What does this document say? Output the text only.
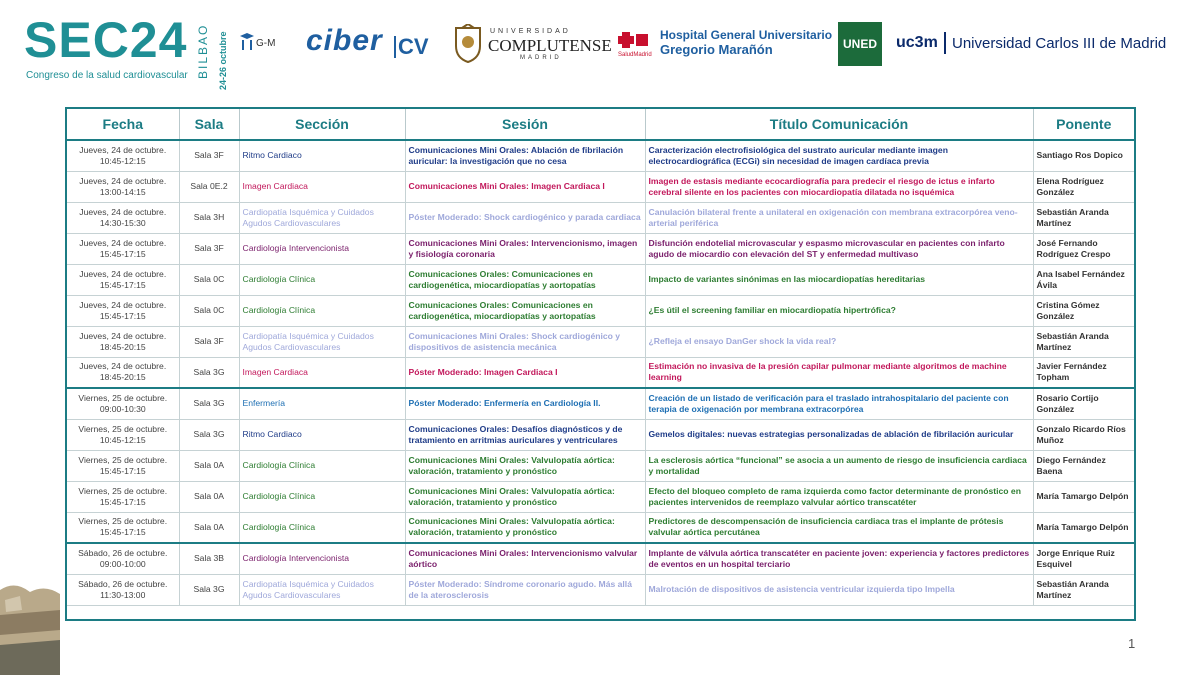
SEC24
Congreso de la salud cardiovascular BILBAO 24-26 octubre	G-M ciber CV
UNIVERSIDAD
COMPLUTENSE
MADRID	SaludMadrid
Hospital General Universitario
Gregorio Marañón	UNED	uc3m Universidad Carlos III de Madrid
Fecha	Sala	Sección	Sesión	Título Comunicación	Ponente
Jueves, 24 de octubre. 10:45-12:15	Sala 3F	Ritmo Cardiaco	Comunicaciones Mini Orales: Ablación de fibrilación auricular: la investigación que no cesa	Caracterización electrofisiológica del sustrato auricular mediante imagen electrocardiográfica (ECGi) sin necesidad de imagen cardíaca previa	Santiago Ros Dopico
Jueves, 24 de octubre. 13:00-14:15	Sala 0E.2	Imagen Cardiaca	Comunicaciones Mini Orales: Imagen Cardiaca I	Imagen de estasis mediante ecocardiografía para predecir el riesgo de ictus e infarto cerebral silente en los pacientes con miocardiopatía dilatada no isquémica	Elena Rodríguez González
Jueves, 24 de octubre. 14:30-15:30	Sala 3H	Cardiopatía Isquémica y Cuidados Agudos Cardiovasculares	Póster Moderado: Shock cardiogénico y parada cardiaca	Canulación bilateral frente a unilateral en oxigenación con membrana extracorpórea veno-arterial periférica	Sebastián Aranda Martínez
Jueves, 24 de octubre. 15:45-17:15	Sala 3F	Cardiología Intervencionista	Comunicaciones Mini Orales: Intervencionismo, imagen y fisiología coronaria	Disfunción endotelial microvascular y espasmo microvascular en pacientes con infarto agudo de miocardio con elevación del ST y enfermedad multivaso	José Fernando Rodríguez Crespo
Jueves, 24 de octubre. 15:45-17:15	Sala 0C	Cardiología Clínica	Comunicaciones Orales: Comunicaciones en cardiogenética, miocardiopatías y aortopatías	Impacto de variantes sinónimas en las miocardiopatías hereditarias	Ana Isabel Fernández Ávila
Jueves, 24 de octubre. 15:45-17:15	Sala 0C	Cardiología Clínica	Comunicaciones Orales: Comunicaciones en cardiogenética, miocardiopatías y aortopatías	¿Es útil el screening familiar en miocardiopatía hipertrófica?	Cristina Gómez González
Jueves, 24 de octubre. 18:45-20:15	Sala 3F	Cardiopatía Isquémica y Cuidados Agudos Cardiovasculares	Comunicaciones Mini Orales: Shock cardiogénico y dispositivos de asistencia mecánica	¿Refleja el ensayo DanGer shock la vida real?	Sebastián Aranda Martínez
Jueves, 24 de octubre. 18:45-20:15	Sala 3G	Imagen Cardiaca	Póster Moderado: Imagen Cardiaca I	Estimación no invasiva de la presión capilar pulmonar mediante algoritmos de machine learning	Javier Fernández Topham
Viernes, 25 de octubre. 09:00-10:30	Sala 3G	Enfermería	Póster Moderado: Enfermería en Cardiología II.	Creación de un listado de verificación para el traslado intrahospitalario del paciente con terapia de oxigenación por membrana extracorpórea	Rosario Cortijo González
Viernes, 25 de octubre. 10:45-12:15	Sala 3G	Ritmo Cardiaco	Comunicaciones Orales: Desafíos diagnósticos y de tratamiento en arritmias auriculares y ventriculares	Gemelos digitales: nuevas estrategias personalizadas de ablación de fibrilación auricular	Gonzalo Ricardo Ríos Muñoz
Viernes, 25 de octubre. 15:45-17:15	Sala 0A	Cardiología Clínica	Comunicaciones Mini Orales: Valvulopatía aórtica: valoración, tratamiento y pronóstico	La esclerosis aórtica “funcional” se asocia a un aumento de riesgo de insuficiencia cardiaca y mortalidad	Diego Fernández Baena
Viernes, 25 de octubre. 15:45-17:15	Sala 0A	Cardiología Clínica	Comunicaciones Mini Orales: Valvulopatía aórtica: valoración, tratamiento y pronóstico	Efecto del bloqueo completo de rama izquierda como factor determinante de pronóstico en pacientes intervenidos de reemplazo valvular aórtico transcatéter	María Tamargo Delpón
Viernes, 25 de octubre. 15:45-17:15	Sala 0A	Cardiología Clínica	Comunicaciones Mini Orales: Valvulopatía aórtica: valoración, tratamiento y pronóstico	Predictores de descompensación de insuficiencia cardiaca tras el implante de prótesis valvular aórtica percutánea	María Tamargo Delpón
Sábado, 26 de octubre. 09:00-10:00	Sala 3B	Cardiología Intervencionista	Comunicaciones Mini Orales: Intervencionismo valvular aórtico	Implante de válvula aórtica transcatéter en paciente joven: experiencia y factores predictores de eventos en un hospital terciario	Jorge Enrique Ruiz Esquivel
Sábado, 26 de octubre. 11:30-13:00	Sala 3G	Cardiopatía Isquémica y Cuidados Agudos Cardiovasculares	Póster Moderado: Síndrome coronario agudo. Más allá de la aterosclerosis	Malrotación de dispositivos de asistencia ventricular izquierda tipo Impella	Sebastián Aranda Martínez
1
